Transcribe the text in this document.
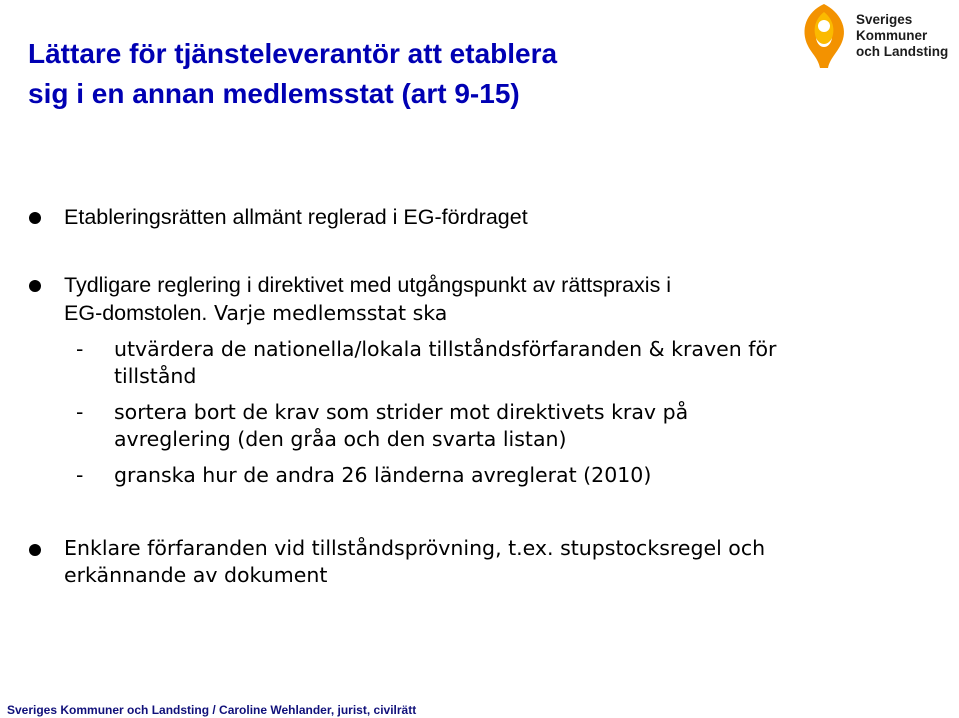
Lättare för tjänsteleverantör att etablera
sig i en annan medlemsstat (art 9-15)
Sveriges
Kommuner
och Landsting
Etableringsrätten allmänt reglerad i EG-fördraget
Tydligare reglering i direktivet med utgångspunkt av rättspraxis i
EG-domstolen. Varje medlemsstat ska
- utvärdera de nationella/lokala tillståndsförfaranden & kraven för
tillstånd
- sortera bort de krav som strider mot direktivets krav på
avreglering (den gråa och den svarta listan)
- granska hur de andra 26 länderna avreglerat (2010)
Enklare förfaranden vid tillståndsprövning, t.ex. stupstocksregel och
erkännande av dokument
Sveriges Kommuner och Landsting / Caroline Wehlander, jurist, civilrätt
